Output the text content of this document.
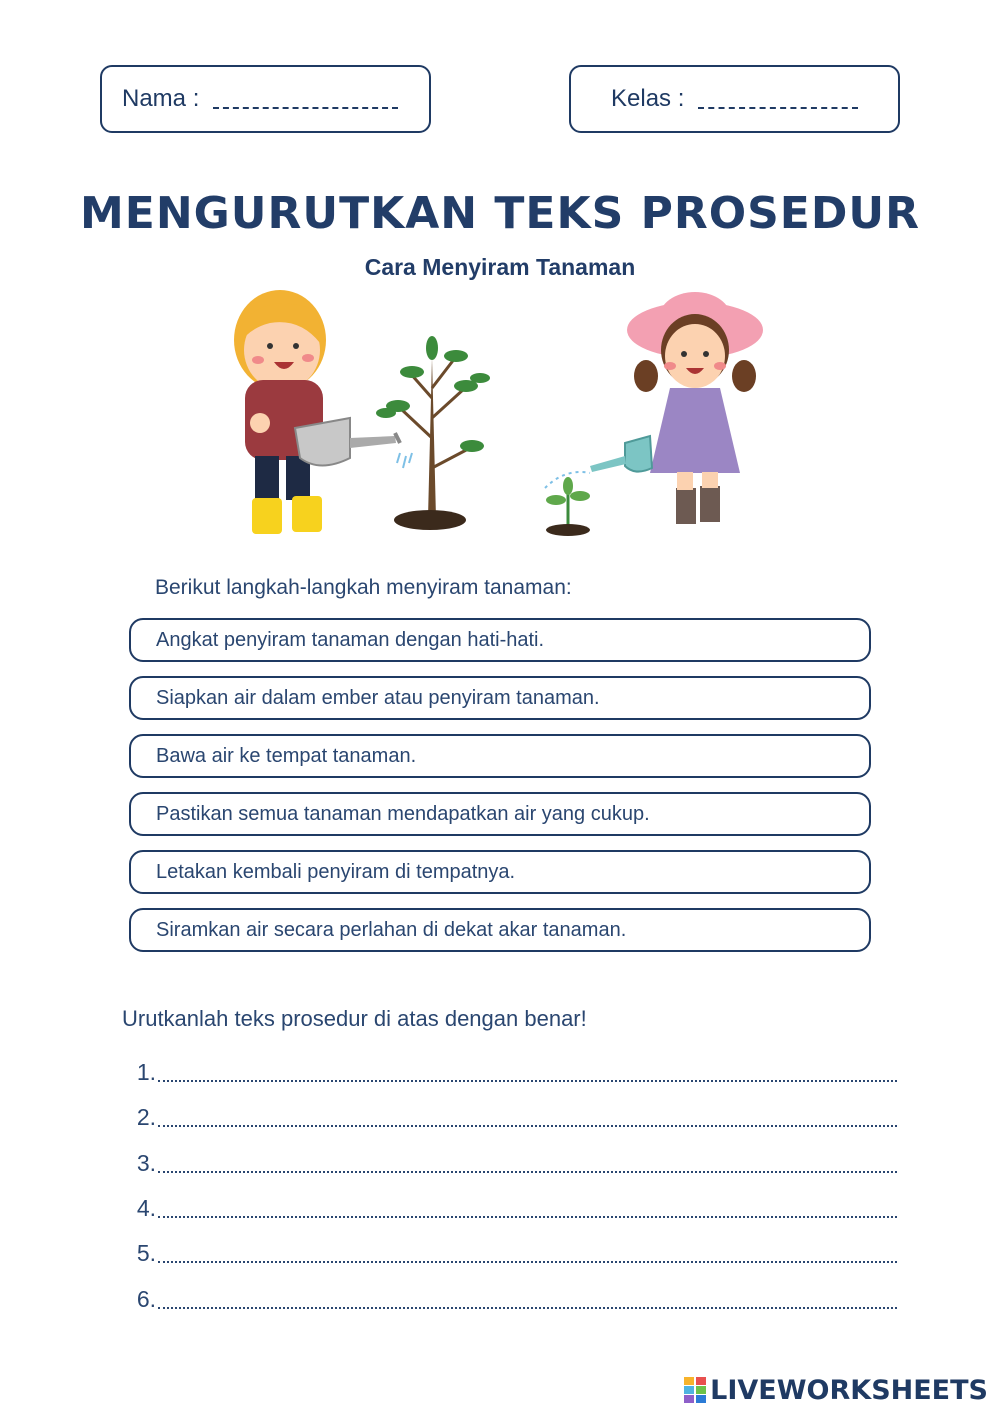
Nama :	Kelas :
MENGURUTKAN TEKS PROSEDUR
Cara Menyiram Tanaman
Berikut langkah-langkah menyiram tanaman:
Angkat penyiram tanaman dengan hati-hati.
Siapkan air dalam ember atau penyiram tanaman.
Bawa air ke tempat tanaman.
Pastikan semua tanaman mendapatkan air yang cukup.
Letakan kembali penyiram di tempatnya.
Siramkan air secara perlahan di dekat akar tanaman.
Urutkanlah teks prosedur di atas dengan benar!
1.
2.
3.
4.
5.
6.
LIVEWORKSHEETS
